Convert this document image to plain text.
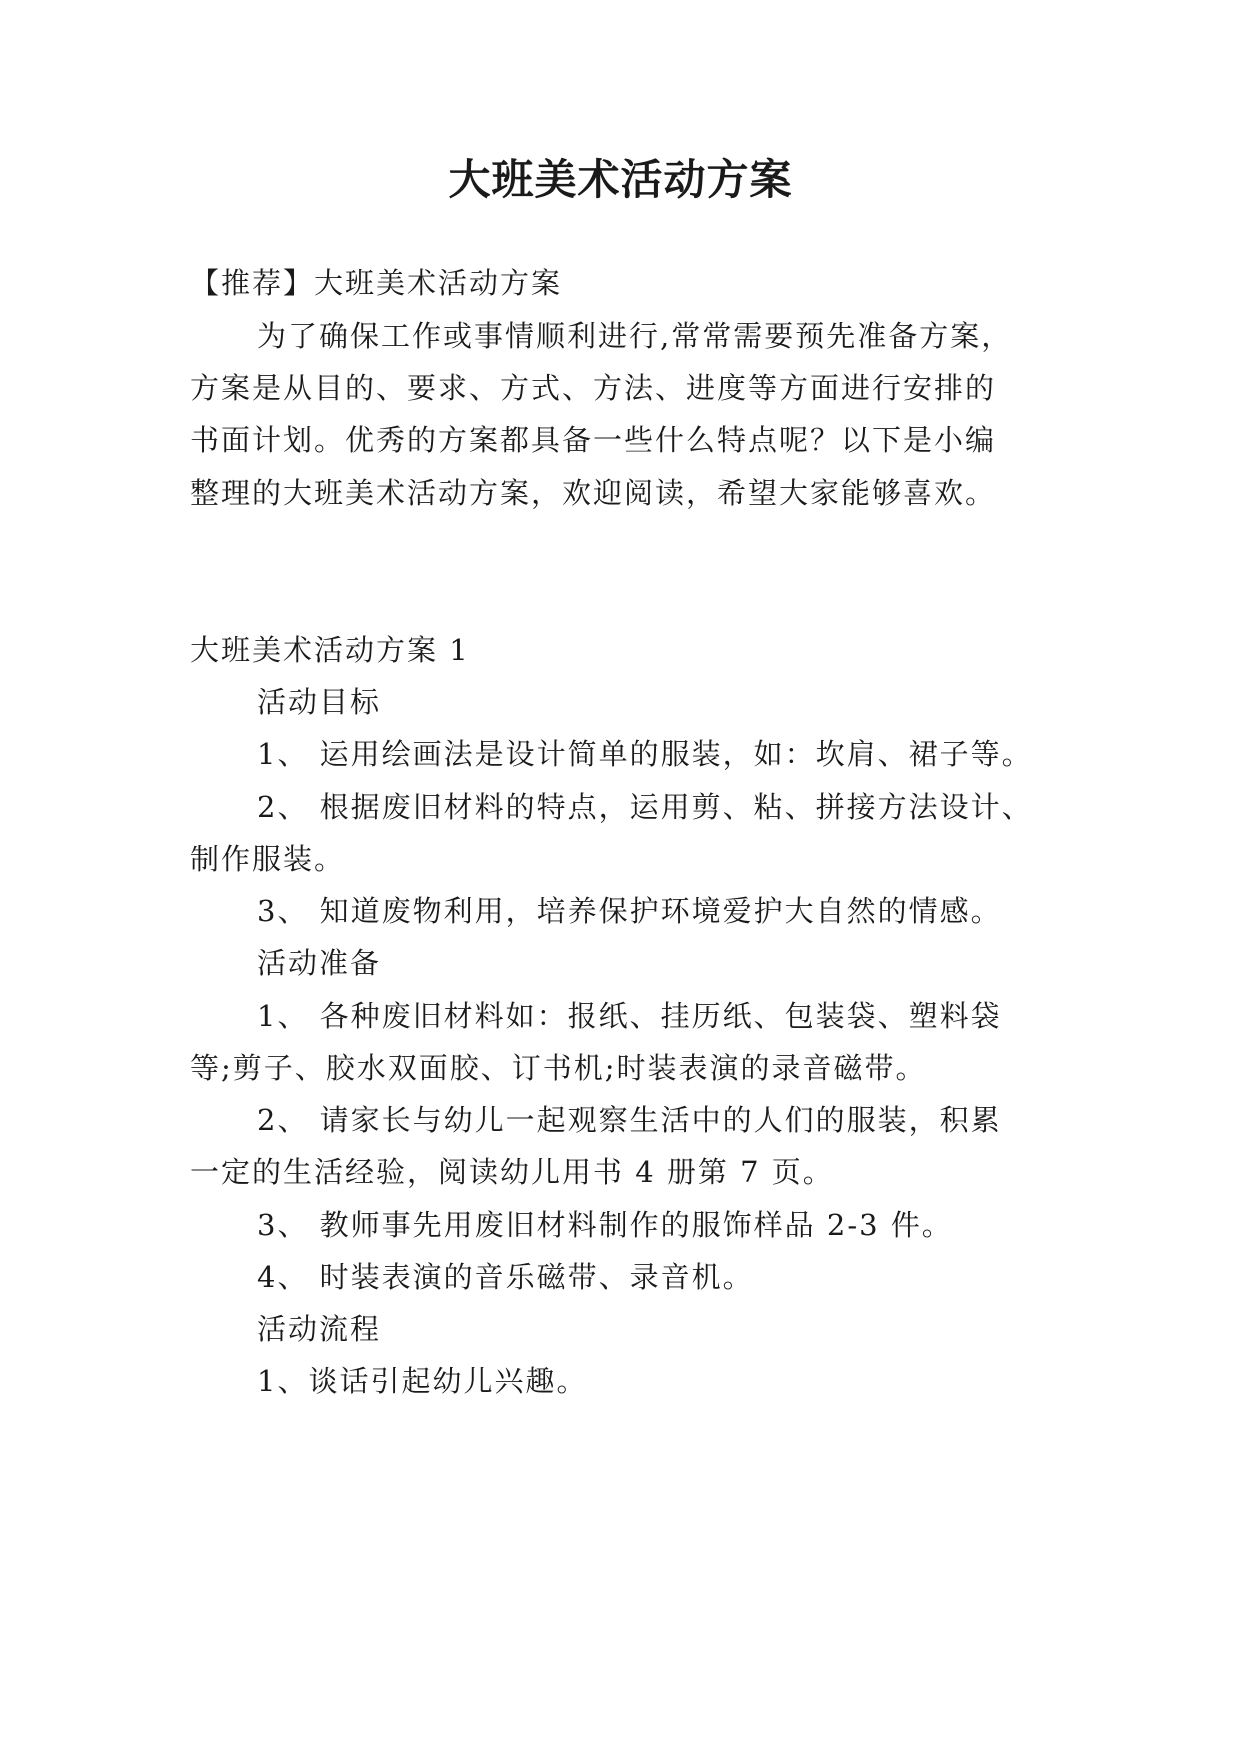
大班美术活动方案
【推荐】大班美术活动方案
为了确保工作或事情顺利进行,常常需要预先准备方案，
方案是从目的、要求、方式、方法、进度等方面进行安排的
书面计划。优秀的方案都具备一些什么特点呢？以下是小编
整理的大班美术活动方案，欢迎阅读，希望大家能够喜欢。
大班美术活动方案 1
活动目标
1、 运用绘画法是设计简单的服装，如：坎肩、裙子等。
2、 根据废旧材料的特点，运用剪、粘、拼接方法设计、
制作服装。
3、 知道废物利用，培养保护环境爱护大自然的情感。
活动准备
1、 各种废旧材料如：报纸、挂历纸、包装袋、塑料袋
等;剪子、胶水双面胶、订书机;时装表演的录音磁带。
2、 请家长与幼儿一起观察生活中的人们的服装，积累
一定的生活经验，阅读幼儿用书 4 册第 7 页。
3、 教师事先用废旧材料制作的服饰样品 2-3 件。
4、 时装表演的音乐磁带、录音机。
活动流程
1、谈话引起幼儿兴趣。
